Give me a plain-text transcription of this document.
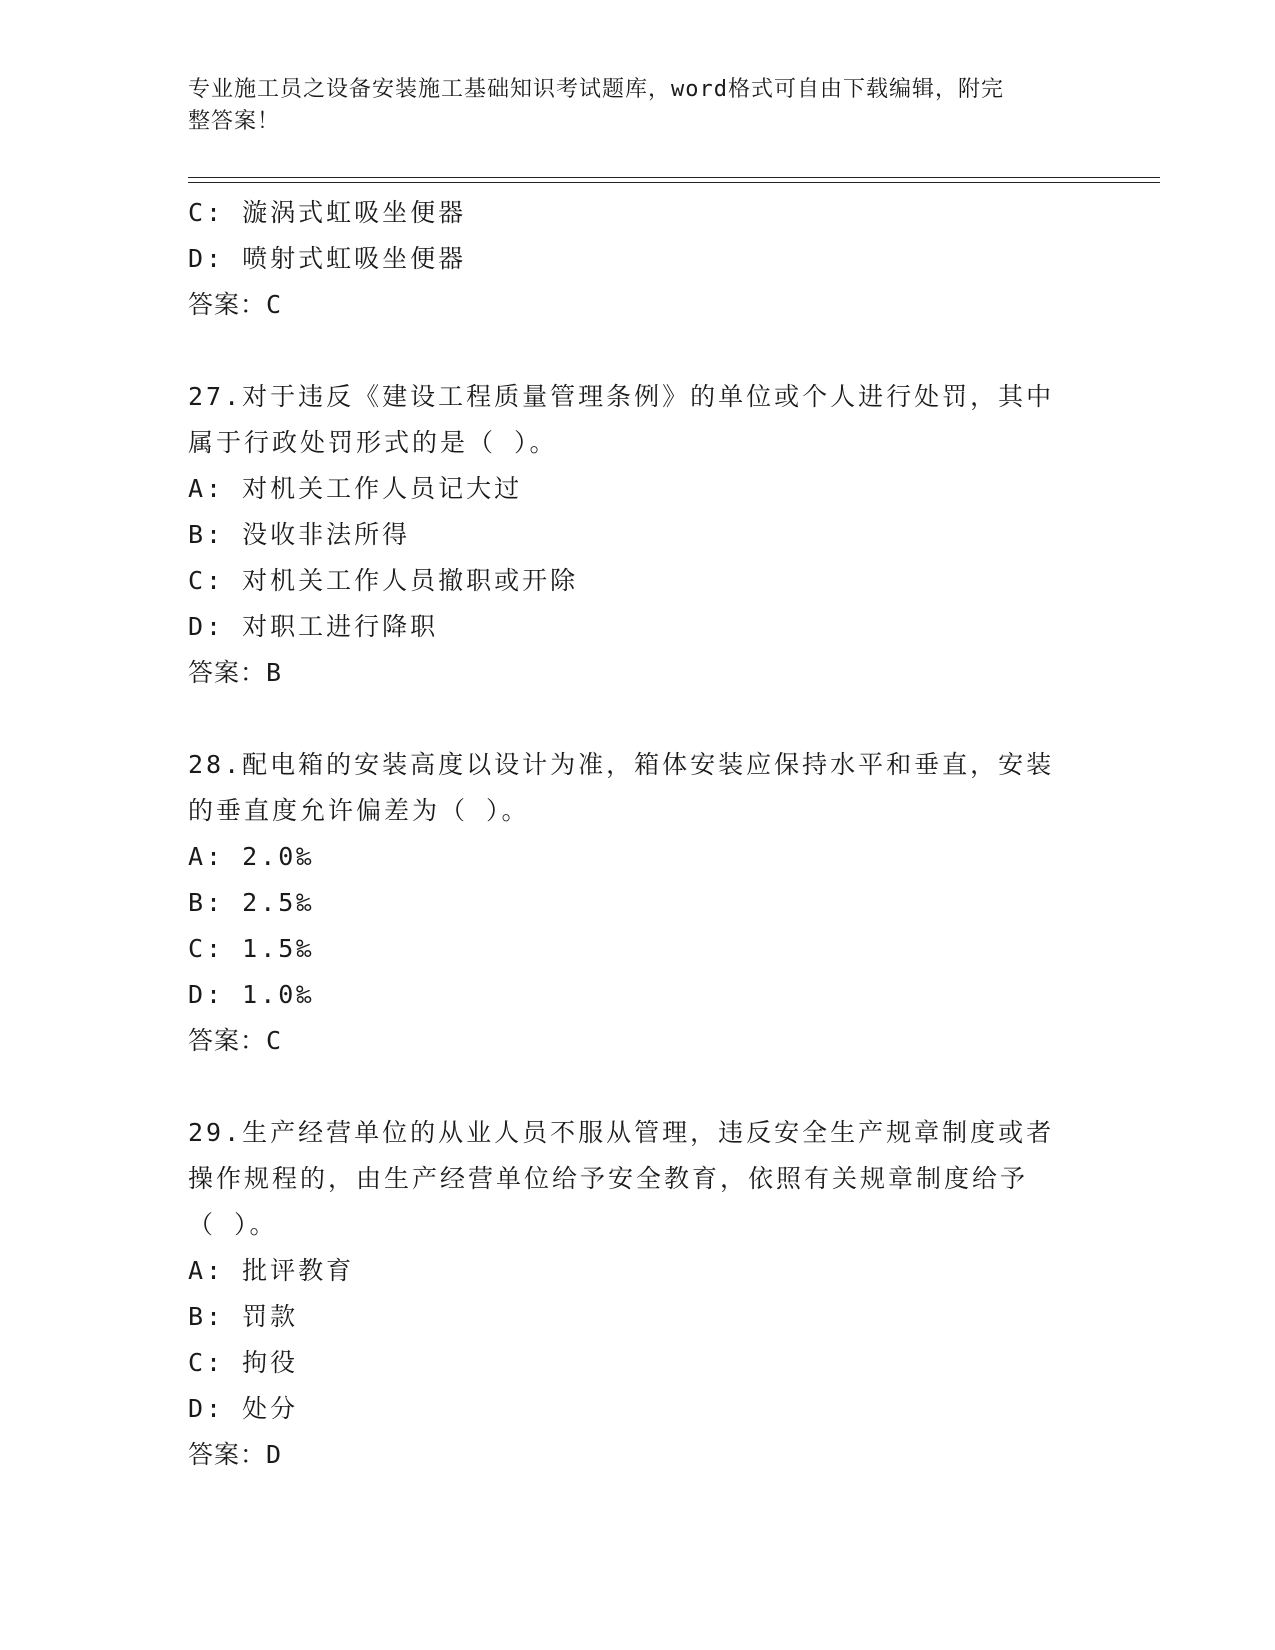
专业施工员之设备安装施工基础知识考试题库，word格式可自由下载编辑，附完
整答案！
C: 漩涡式虹吸坐便器
D: 喷射式虹吸坐便器
答案：C
27.对于违反《建设工程质量管理条例》的单位或个人进行处罚，其中
属于行政处罚形式的是（ ）。
A: 对机关工作人员记大过
B: 没收非法所得
C: 对机关工作人员撤职或开除
D: 对职工进行降职
答案：B
28.配电箱的安装高度以设计为准，箱体安装应保持水平和垂直，安装
的垂直度允许偏差为（ ）。
A: 2.0‰
B: 2.5‰
C: 1.5‰
D: 1.0‰
答案：C
29.生产经营单位的从业人员不服从管理，违反安全生产规章制度或者
操作规程的，由生产经营单位给予安全教育，依照有关规章制度给予
（ ）。
A: 批评教育
B: 罚款
C: 拘役
D: 处分
答案：D
